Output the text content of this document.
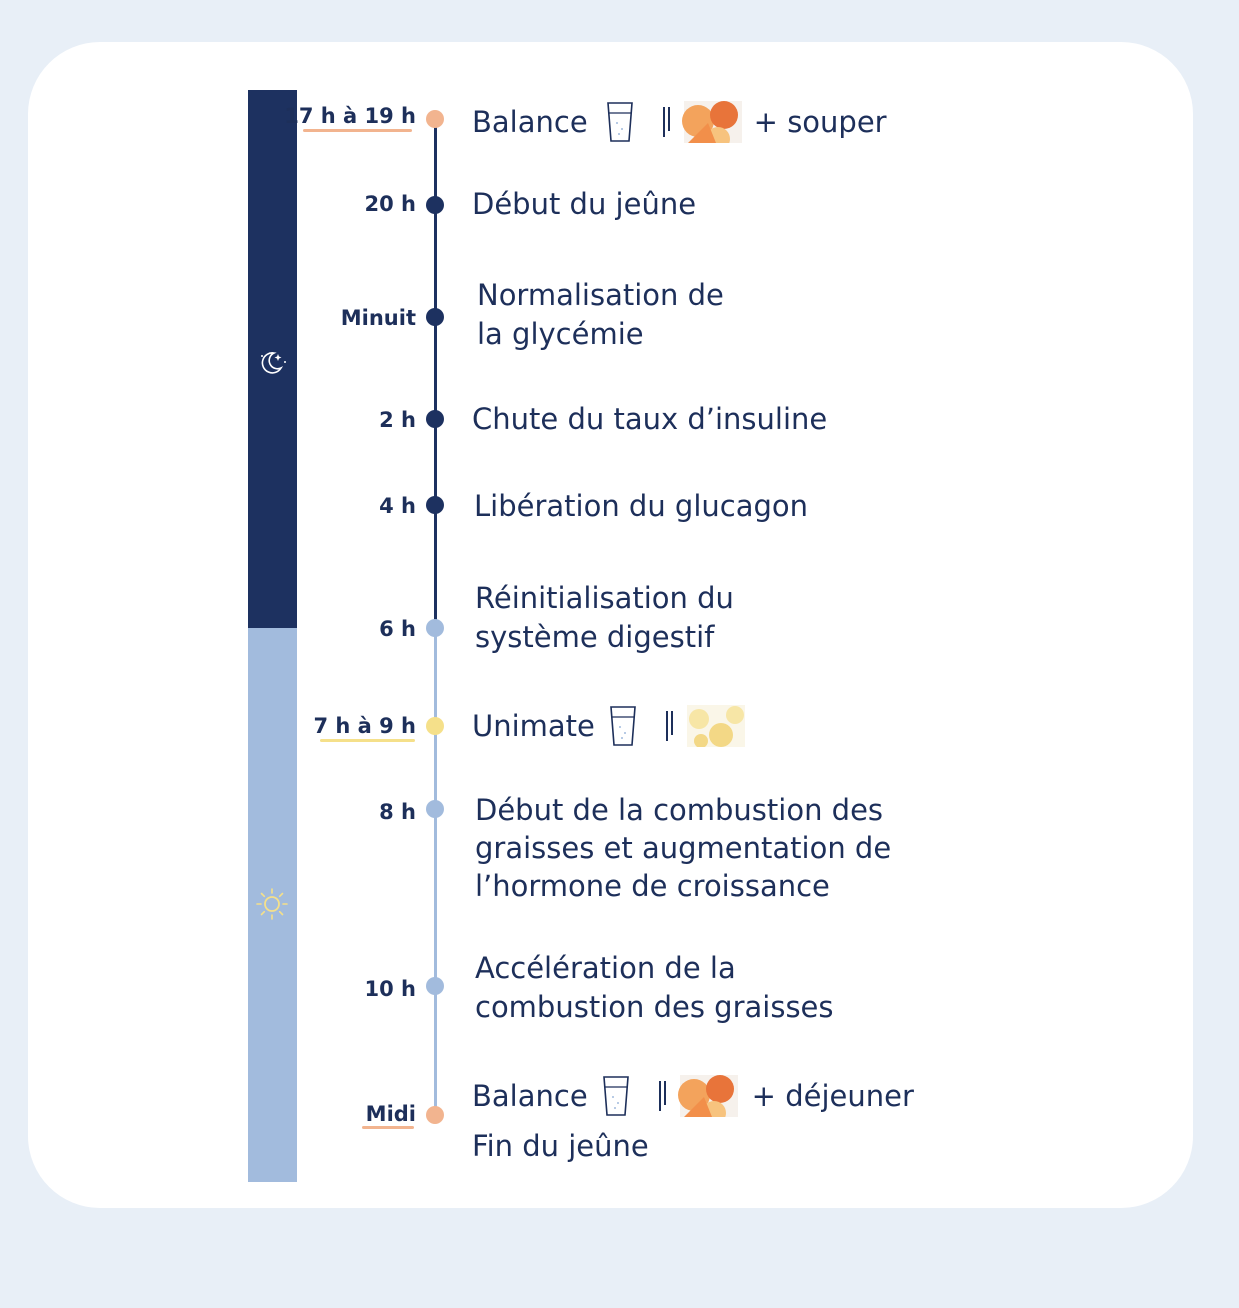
17 h à 19 h Balance	+ souper
20 h Début du jeûne
Minuit
Normalisation de
la glycémie
2 h Chute du taux d’insuline
4 h Libération du glucagon
6 h
Réinitialisation du
système digestif
7 h à 9 h Unimate
8 h Début de la combustion des
graisses et augmentation de
l’hormone de croissance
10 h
Accélération de la
combustion des graisses
Midi
Balance	+ déjeuner
Fin du jeûne
